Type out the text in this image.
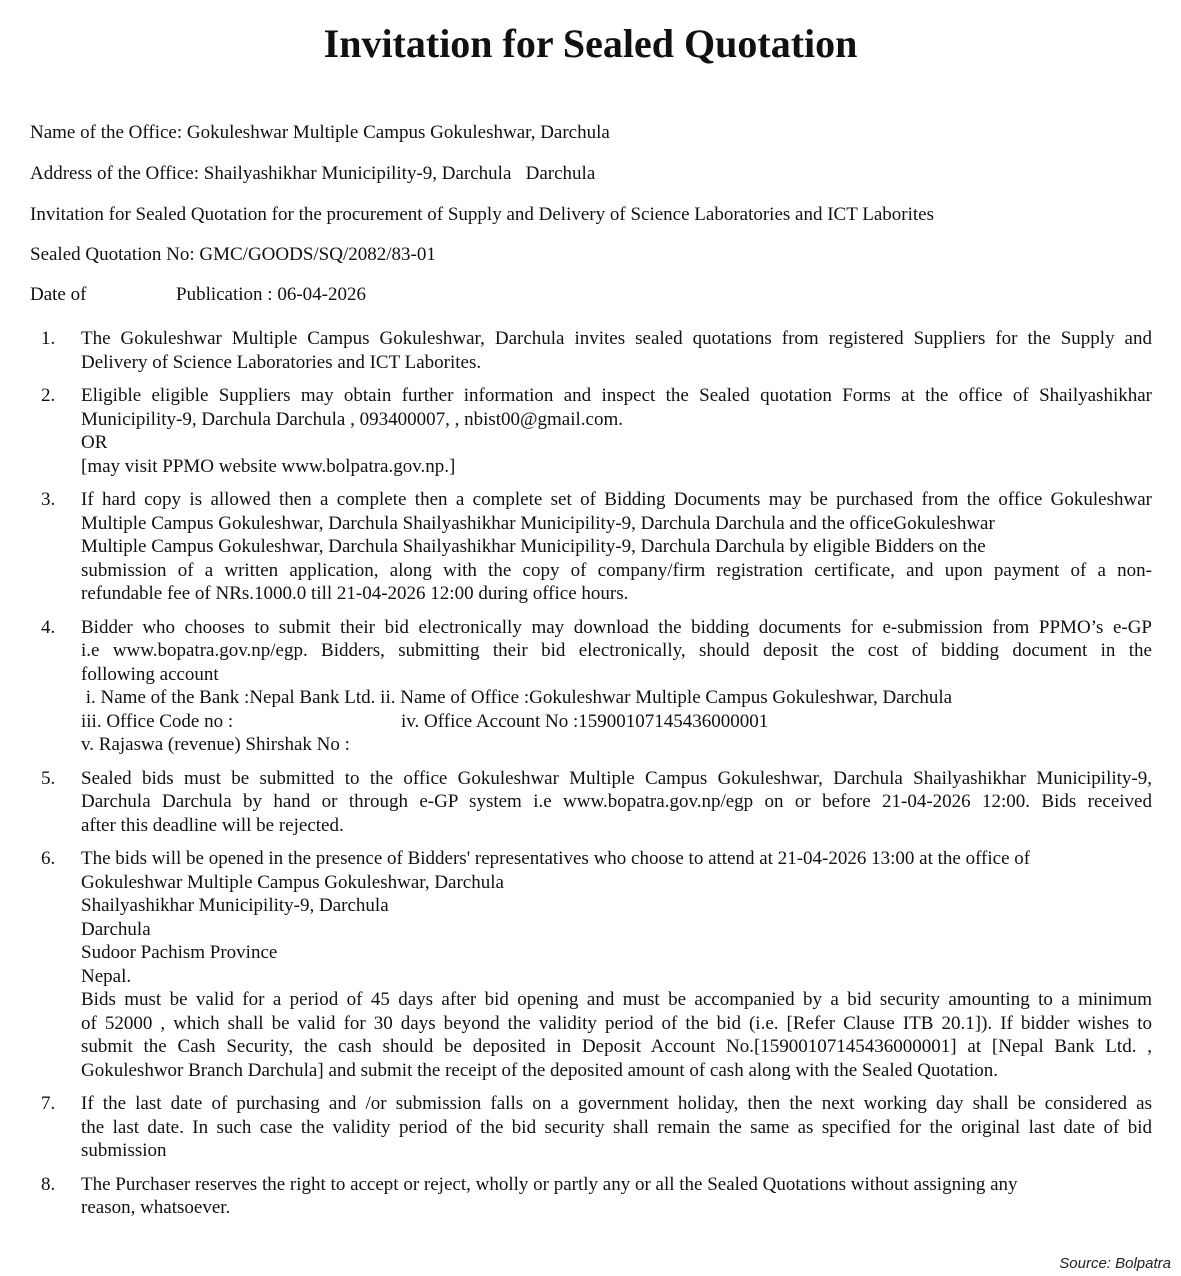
Invitation for Sealed Quotation
Name of the Office: Gokuleshwar Multiple Campus Gokuleshwar, Darchula
Address of the Office: Shailyashikhar Municipility-9, Darchula   Darchula
Invitation for Sealed Quotation for the procurement of Supply and Delivery of Science Laboratories and ICT Laborites
Sealed Quotation No: GMC/GOODS/SQ/2082/83-01
Date of	Publication : 06-04-2026
1. The Gokuleshwar Multiple Campus Gokuleshwar, Darchula invites sealed quotations from registered Suppliers for the Supply and
Delivery of Science Laboratories and ICT Laborites.
2. Eligible eligible Suppliers may obtain further information and inspect the Sealed quotation Forms at the office of Shailyashikhar
Municipility-9, Darchula Darchula , 093400007, , nbist00@gmail.com.
OR
[may visit PPMO website www.bolpatra.gov.np.]
3. If hard copy is allowed then a complete then a complete set of Bidding Documents may be purchased from the office Gokuleshwar
Multiple Campus Gokuleshwar, Darchula Shailyashikhar Municipility-9, Darchula Darchula and the officeGokuleshwar
Multiple Campus Gokuleshwar, Darchula Shailyashikhar Municipility-9, Darchula Darchula by eligible Bidders on the
submission of a written application, along with the copy of company/firm registration certificate, and upon payment of a non-
refundable fee of NRs.1000.0 till 21-04-2026 12:00 during office hours.
4. Bidder who chooses to submit their bid electronically may download the bidding documents for e-submission from PPMO’s e-GP
i.e www.bopatra.gov.np/egp. Bidders, submitting their bid electronically, should deposit the cost of bidding document in the
following account
i. Name of the Bank :Nepal Bank Ltd. ii. Name of Office :Gokuleshwar Multiple Campus Gokuleshwar, Darchula
iii. Office Code no :	iv. Office Account No :15900107145436000001
v. Rajaswa (revenue) Shirshak No :
5. Sealed bids must be submitted to the office Gokuleshwar Multiple Campus Gokuleshwar, Darchula Shailyashikhar Municipility-9,
Darchula Darchula by hand or through e-GP system i.e www.bopatra.gov.np/egp on or before 21-04-2026 12:00. Bids received
after this deadline will be rejected.
6. The bids will be opened in the presence of Bidders' representatives who choose to attend at 21-04-2026 13:00 at the office of
Gokuleshwar Multiple Campus Gokuleshwar, Darchula
Shailyashikhar Municipility-9, Darchula
Darchula
Sudoor Pachism Province
Nepal.
Bids must be valid for a period of 45 days after bid opening and must be accompanied by a bid security amounting to a minimum
of 52000 , which shall be valid for 30 days beyond the validity period of the bid (i.e. [Refer Clause ITB 20.1]). If bidder wishes to
submit the Cash Security, the cash should be deposited in Deposit Account No.[15900107145436000001] at [Nepal Bank Ltd. ,
Gokuleshwor Branch Darchula] and submit the receipt of the deposited amount of cash along with the Sealed Quotation.
7. If the last date of purchasing and /or submission falls on a government holiday, then the next working day shall be considered as
the last date. In such case the validity period of the bid security shall remain the same as specified for the original last date of bid
submission
8. The Purchaser reserves the right to accept or reject, wholly or partly any or all the Sealed Quotations without assigning any
reason, whatsoever.
Source: Bolpatra
